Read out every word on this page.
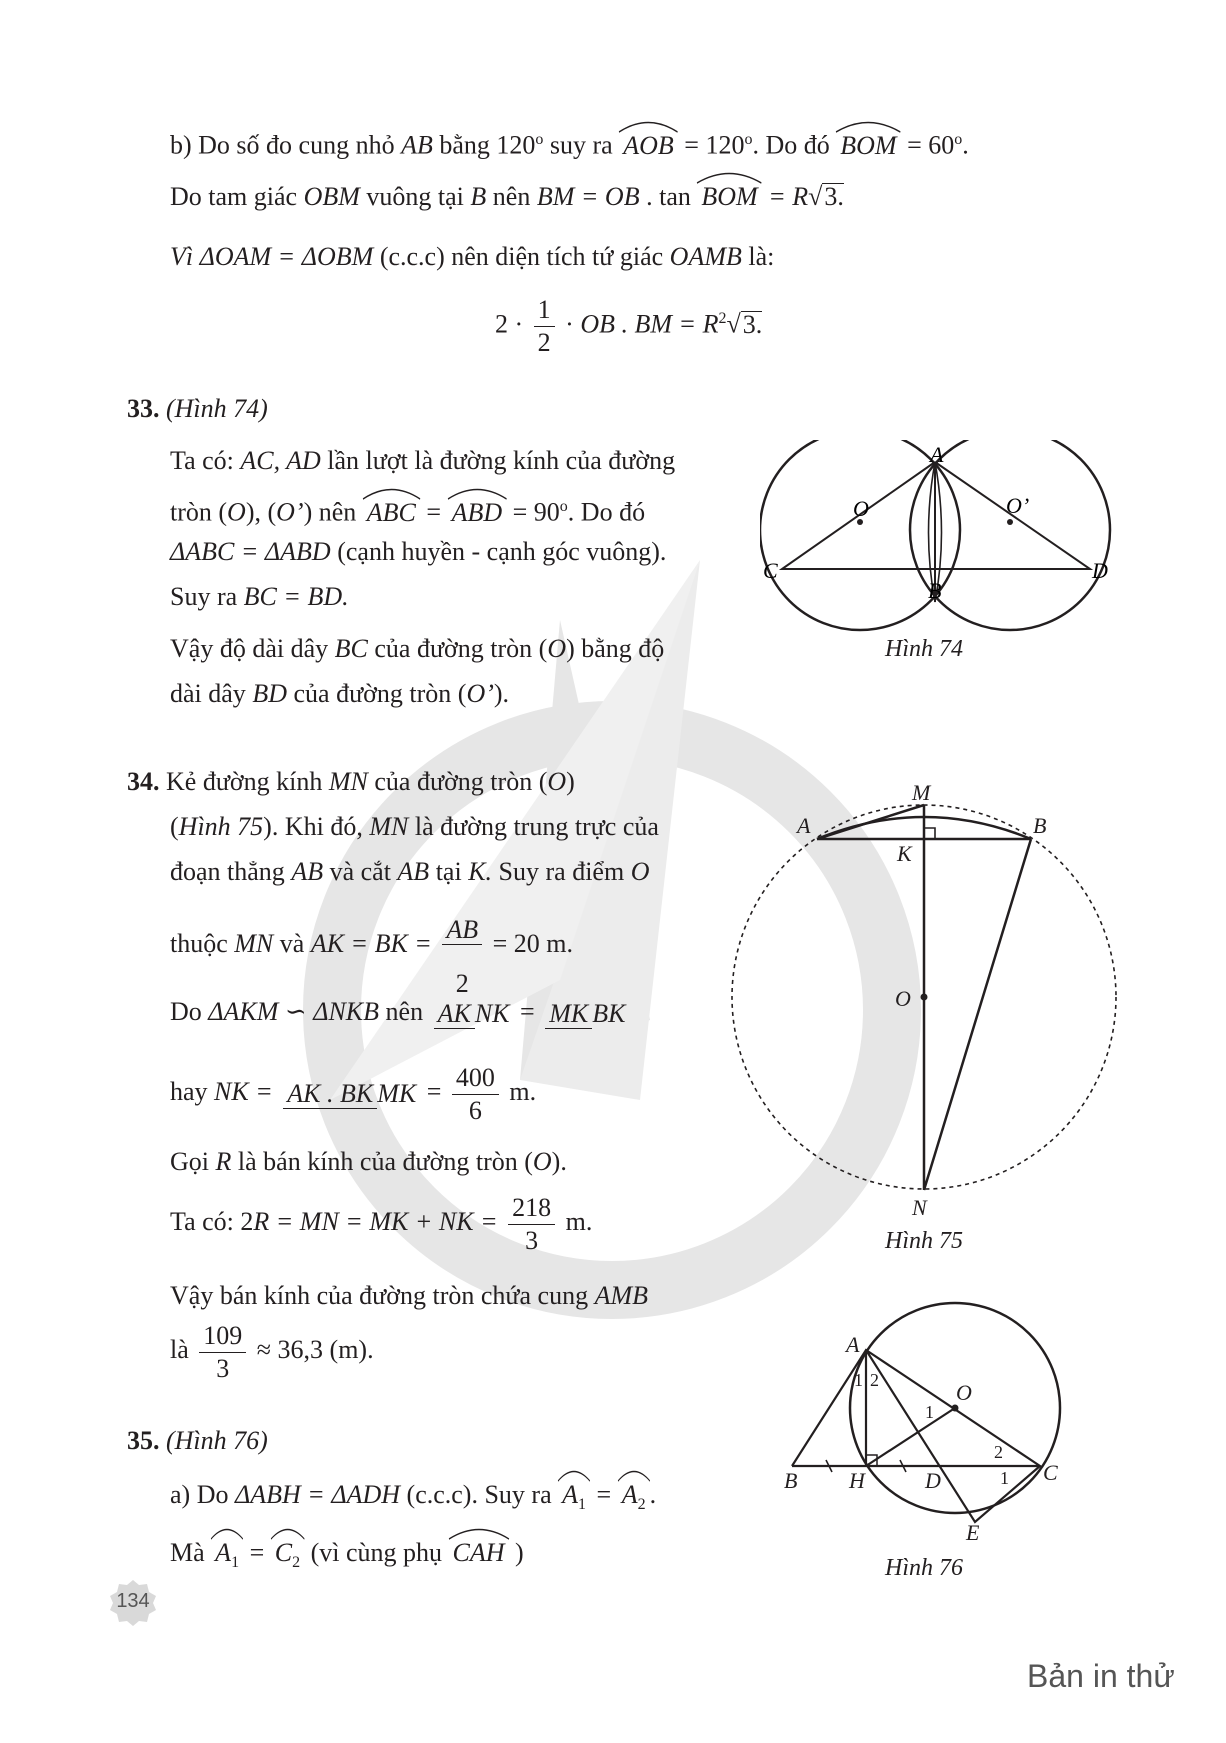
b) Do số đo cung nhỏ AB bằng 120$^o$ suy ra AOB = $120^o$. Do đó BOM = $60^o$.
Do tam giác OBM vuông tại B nên BM = OB . tan BOM = R√3.
Vì ΔOAM = ΔOBM (c.c.c) nên diện tích tứ giác OAMB là:
$2 \cdot \frac{1}{2}$ · OB . BM = $R^2√3$.
33. (Hình 74)
Ta có: AC, AD lần lượt là đường kính của đường
tròn (O), (O’) nên ABC = ABD = $90^o$. Do đó
ΔABC = ΔABD (cạnh huyền - cạnh góc vuông).
Suy ra BC = BD.
Vậy độ dài dây BC của đường tròn (O) bằng độ
dài dây BD của đường tròn (O’).
A
O	O’
C
B
D
Hình 74
34. Kẻ đường kính MN của đường tròn (O)
(Hình 75). Khi đó, MN là đường trung trực của
đoạn thẳng AB và cắt AB tại K. Suy ra điểm O
thuộc MN và AK = BK = $\frac{AB}{2} = 20$ m.
Do ΔAKM ∽ ΔNKB nên AK NK = MK BK
hay NK = AK . BK MK = $\frac{400}{6} m$.
Gọi R là bán kính của đường tròn (O).
Ta có: 2R = MN = MK + NK = $\frac{218}{3} m$.
Vậy bán kính của đường tròn chứa cung AMB
là $\frac{109}{3} \approx 36,3$ (m).
M
A	B
K
O
N
Hình 75
35. (Hình 76)
a) Do ΔABH = ΔADH (c.c.c). Suy ra $A_1 = A_2$ .
Mà $A_1 = C_2$ (vì cùng phụ CAH )
A
O
B H	D	C
E
1 2
1
2
1
Hình 76
134
Bản in thử
